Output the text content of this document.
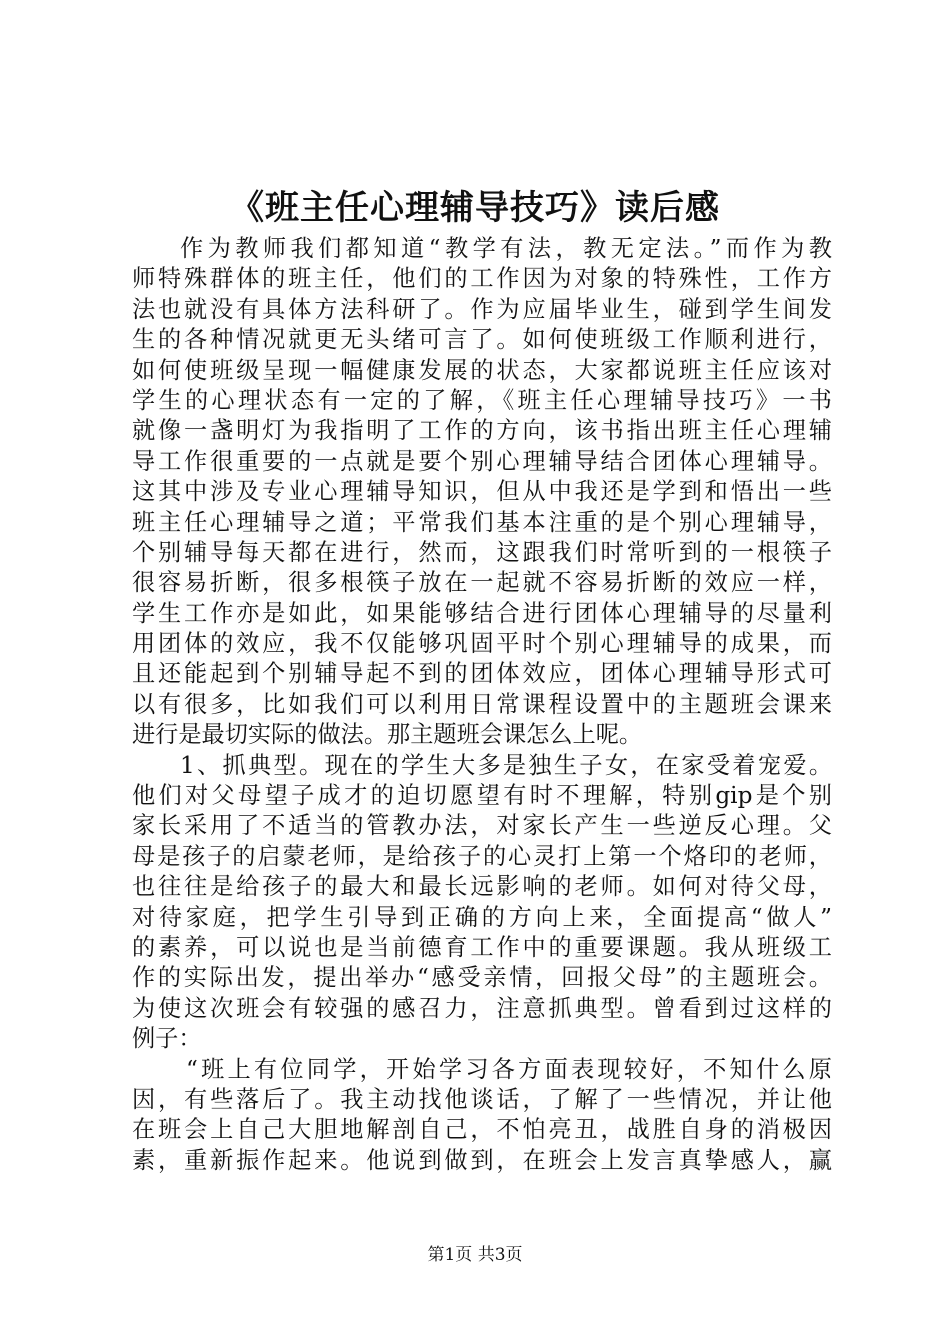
《班主任心理辅导技巧》读后感
作为教师我们都知道“教学有法，教无定法。”而作为教
师特殊群体的班主任，他们的工作因为对象的特殊性，工作方
法也就没有具体方法科研了。作为应届毕业生，碰到学生间发
生的各种情况就更无头绪可言了。如何使班级工作顺利进行，
如何使班级呈现一幅健康发展的状态，大家都说班主任应该对
学生的心理状态有一定的了解，《班主任心理辅导技巧》一书
就像一盏明灯为我指明了工作的方向，该书指出班主任心理辅
导工作很重要的一点就是要个别心理辅导结合团体心理辅导。
这其中涉及专业心理辅导知识，但从中我还是学到和悟出一些
班主任心理辅导之道；平常我们基本注重的是个别心理辅导，
个别辅导每天都在进行，然而，这跟我们时常听到的一根筷子
很容易折断，很多根筷子放在一起就不容易折断的效应一样，
学生工作亦是如此，如果能够结合进行团体心理辅导的尽量利
用团体的效应，我不仅能够巩固平时个别心理辅导的成果，而
且还能起到个别辅导起不到的团体效应，团体心理辅导形式可
以有很多，比如我们可以利用日常课程设置中的主题班会课来
进行是最切实际的做法。那主题班会课怎么上呢。
1、抓典型。现在的学生大多是独生子女，在家受着宠爱。
他们对父母望子成才的迫切愿望有时不理解，特别gip是个别
家长采用了不适当的管教办法，对家长产生一些逆反心理。父
母是孩子的启蒙老师，是给孩子的心灵打上第一个烙印的老师，
也往往是给孩子的最大和最长远影响的老师。如何对待父母，
对待家庭，把学生引导到正确的方向上来，全面提高“做人”
的素养，可以说也是当前德育工作中的重要课题。我从班级工
作的实际出发，提出举办“感受亲情，回报父母”的主题班会。
为使这次班会有较强的感召力，注意抓典型。曾看到过这样的
例子：
“班上有位同学，开始学习各方面表现较好，不知什么原
因，有些落后了。我主动找他谈话，了解了一些情况，并让他
在班会上自己大胆地解剖自己，不怕亮丑，战胜自身的消极因
素，重新振作起来。他说到做到，在班会上发言真挚感人，赢
第1页 共3页
